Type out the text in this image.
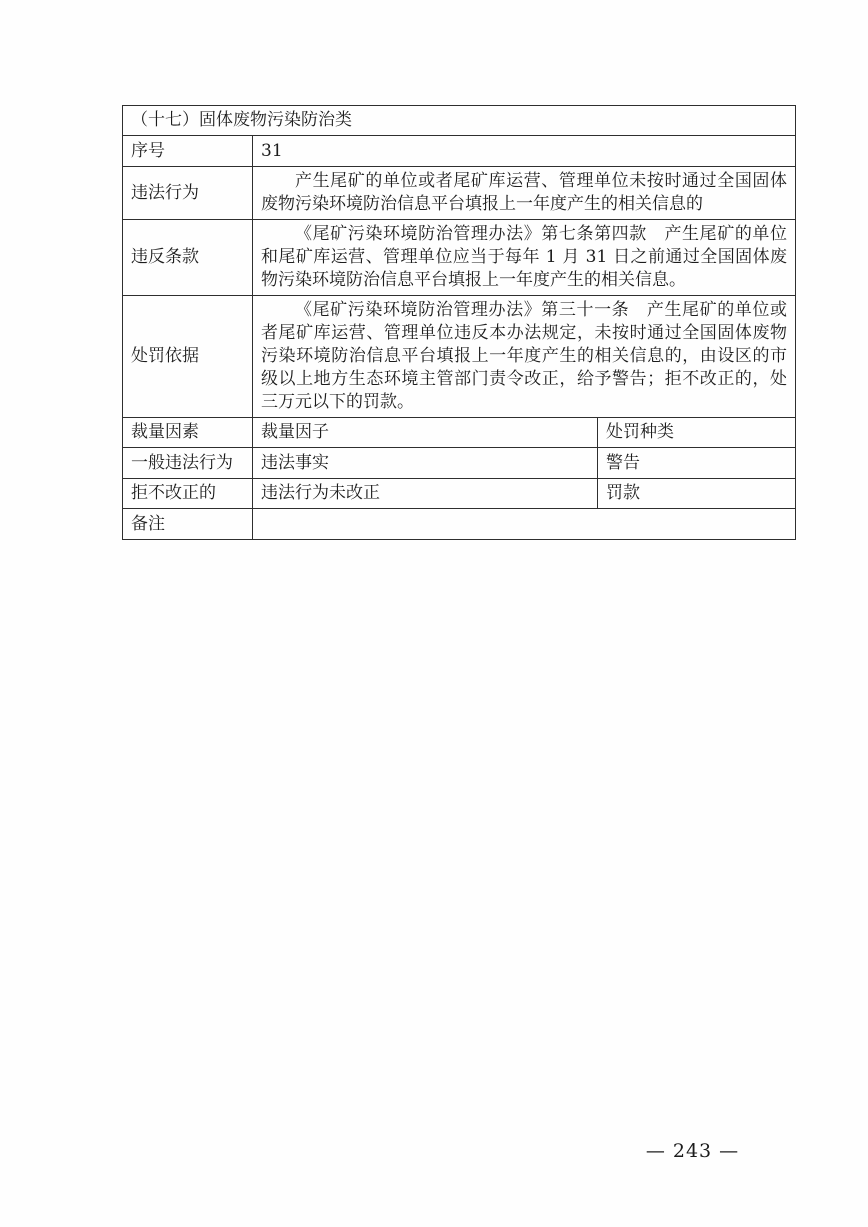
（十七）固体废物污染防治类		
序号	31	
违法行为	产生尾矿的单位或者尾矿库运营、管理单位未按时通过全国固体废物污染环境防治信息平台填报上一年度产生的相关信息的	

违反条款	《尾矿污染环境防治管理办法》第七条第四款　产生尾矿的单位和尾矿库运营、管理单位应当于每年 1 月 31 日之前通过全国固体废物污染环境防治信息平台填报上一年度产生的相关信息。	

处罚依据	《尾矿污染环境防治管理办法》第三十一条　产生尾矿的单位或者尾矿库运营、管理单位违反本办法规定，未按时通过全国固体废物污染环境防治信息平台填报上一年度产生的相关信息的，由设区的市级以上地方生态环境主管部门责令改正，给予警告；拒不改正的，处三万元以下的罚款。	

裁量因素	裁量因子	处罚种类
一般违法行为	违法事实	警告
拒不改正的	违法行为未改正	罚款
备注		
— 243 —
